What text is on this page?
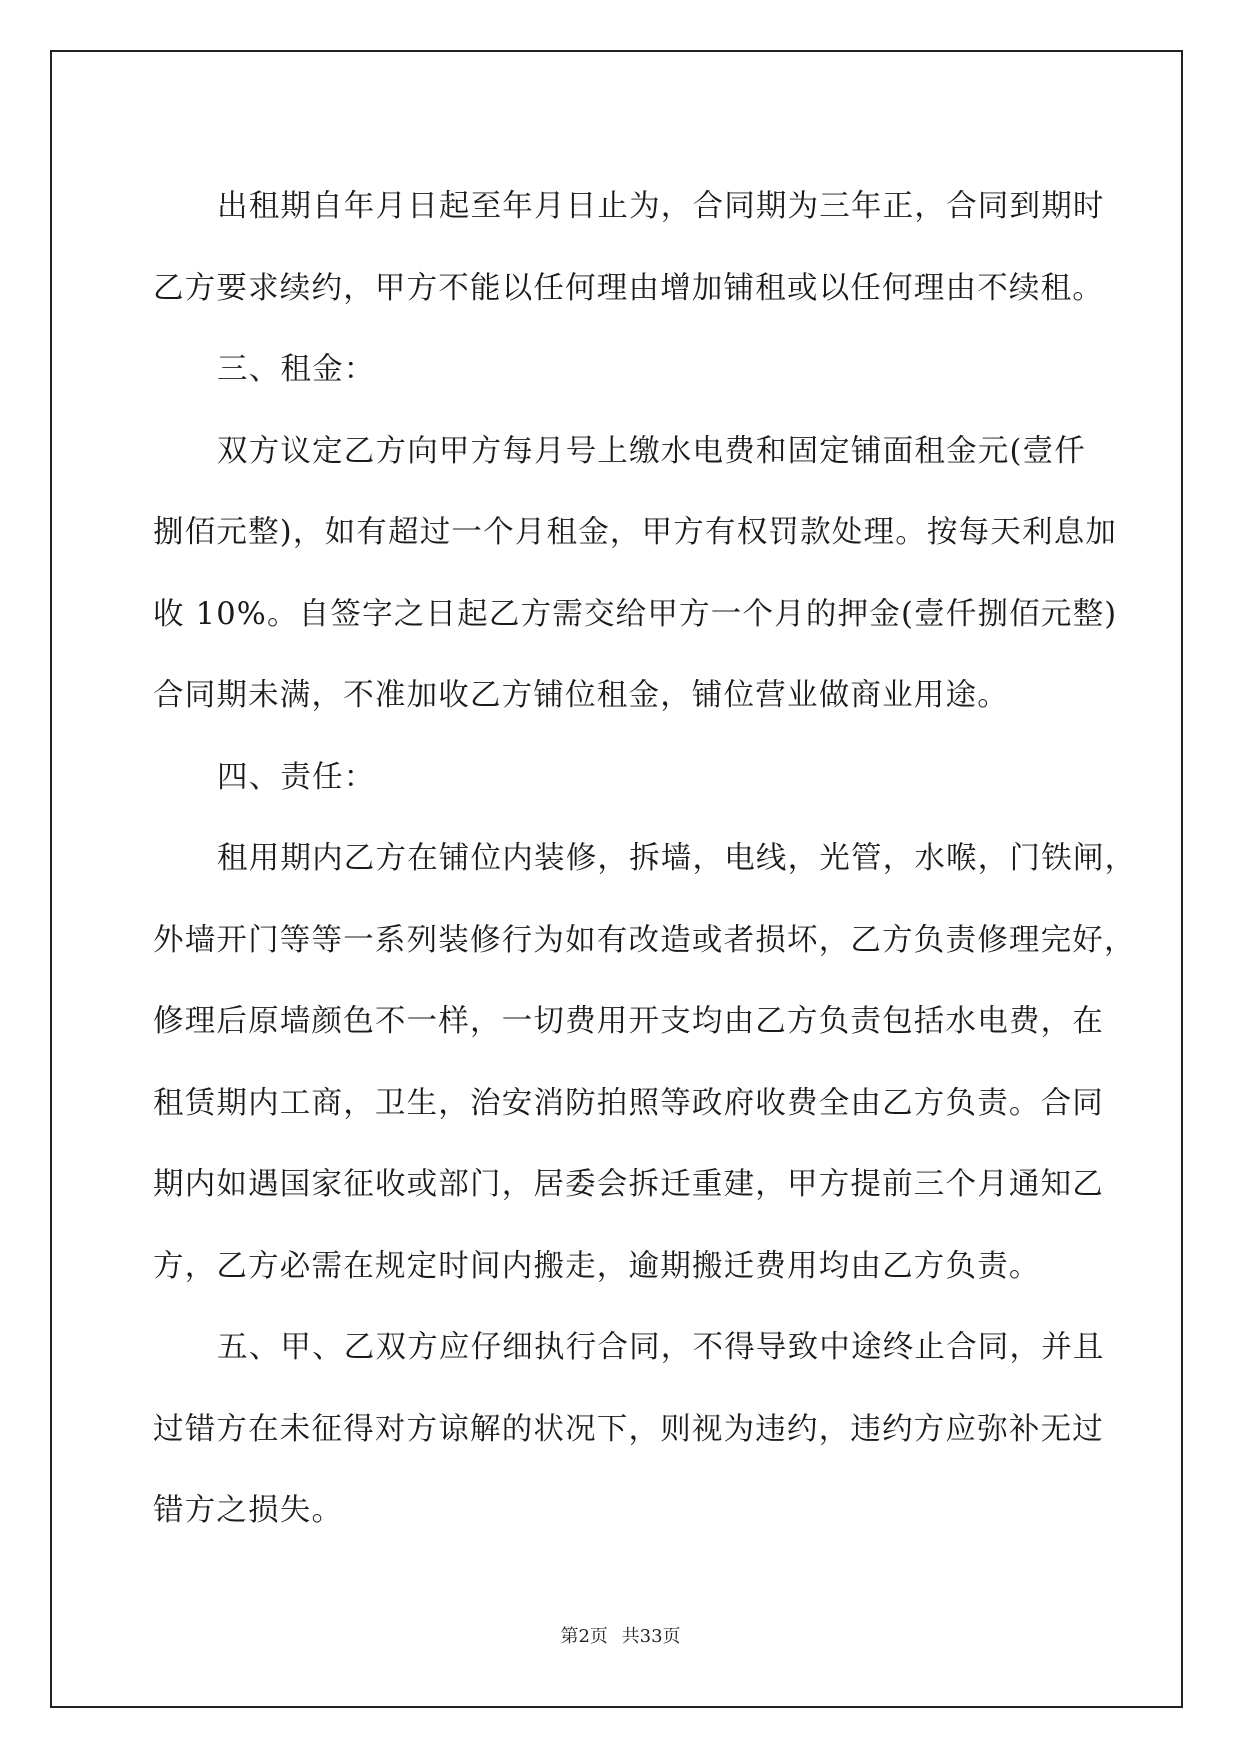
出租期自年月日起至年月日止为，合同期为三年正，合同到期时
乙方要求续约，甲方不能以任何理由增加铺租或以任何理由不续租。

三、租金：

双方议定乙方向甲方每月号上缴水电费和固定铺面租金元(壹仟
捌佰元整)，如有超过一个月租金，甲方有权罚款处理。按每天利息加
收 10%。自签字之日起乙方需交给甲方一个月的押金(壹仟捌佰元整)
合同期未满，不准加收乙方铺位租金，铺位营业做商业用途。

四、责任：

租用期内乙方在铺位内装修，拆墙，电线，光管，水喉，门铁闸，
外墙开门等等一系列装修行为如有改造或者损坏，乙方负责修理完好，
修理后原墙颜色不一样，一切费用开支均由乙方负责包括水电费，在
租赁期内工商，卫生，治安消防拍照等政府收费全由乙方负责。合同
期内如遇国家征收或部门，居委会拆迁重建，甲方提前三个月通知乙
方，乙方必需在规定时间内搬走，逾期搬迁费用均由乙方负责。

五、甲、乙双方应仔细执行合同，不得导致中途终止合同，并且
过错方在未征得对方谅解的状况下，则视为违约，违约方应弥补无过
错方之损失。

第2页 共33页
